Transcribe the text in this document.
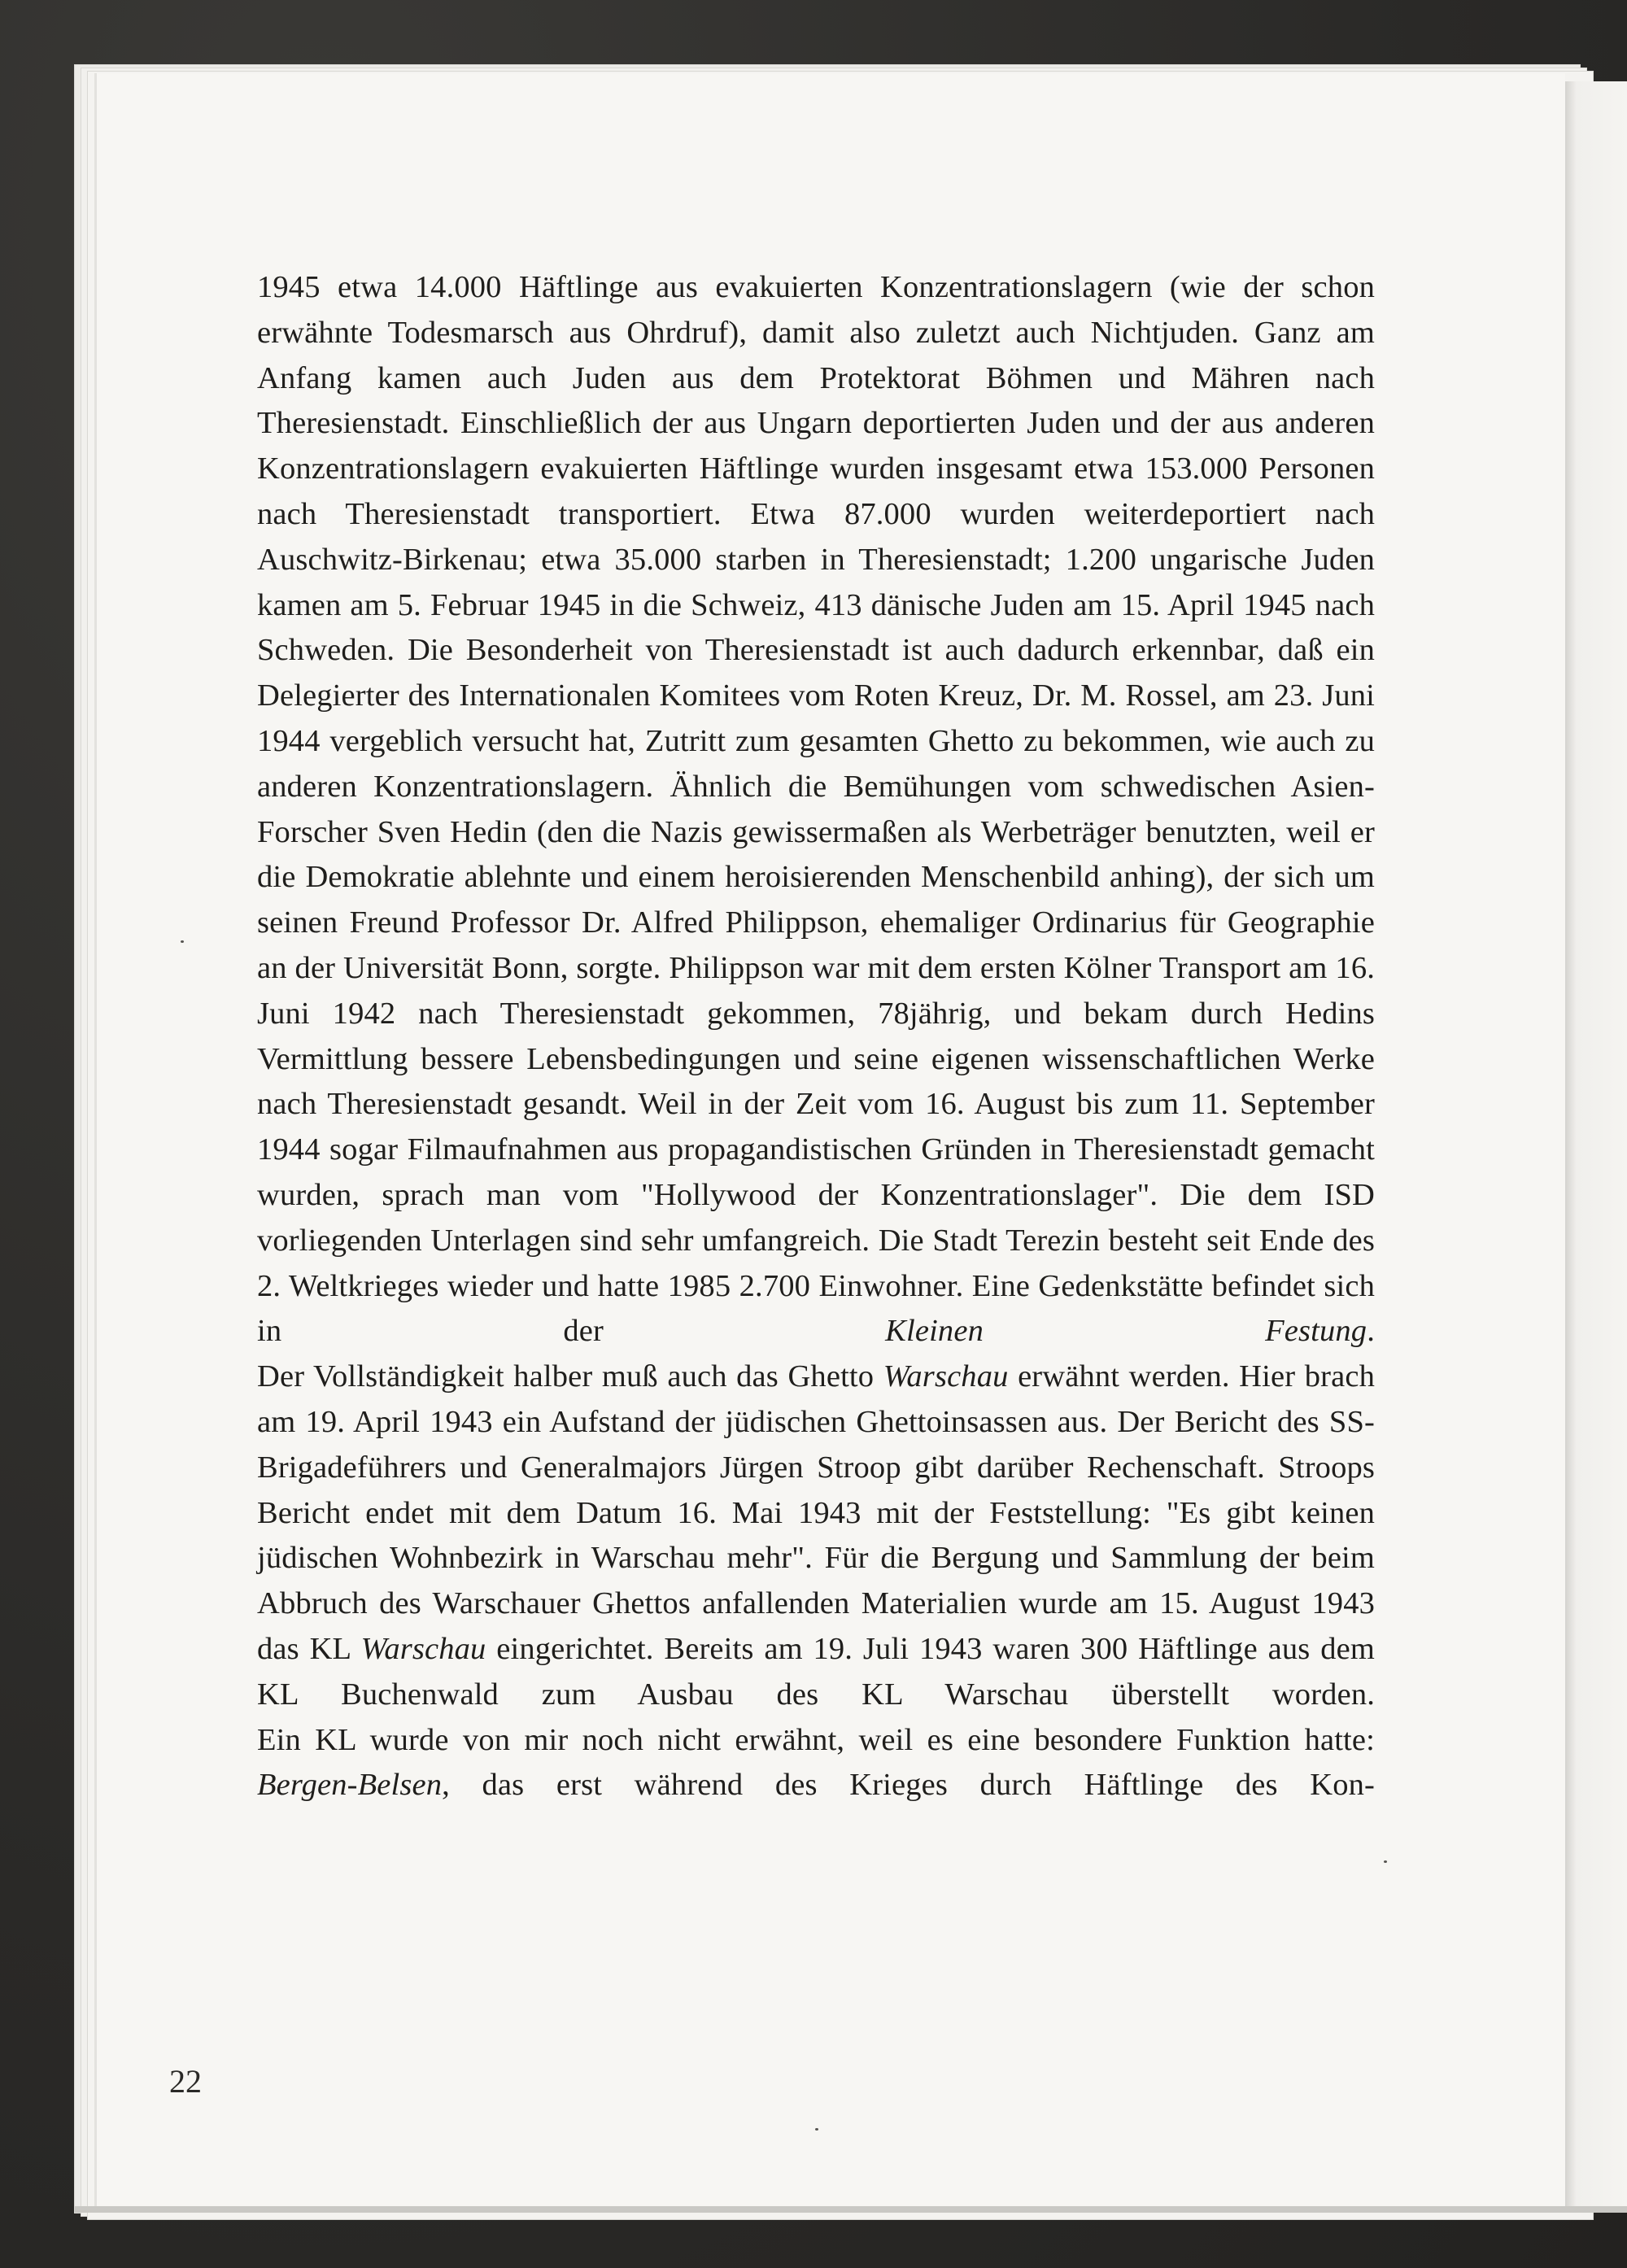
1945 etwa 14.000 Häftlinge aus evakuierten Konzentrationslagern (wie der schon erwähnte Todesmarsch aus Ohrdruf), damit also zuletzt auch Nichtjuden. Ganz am Anfang kamen auch Juden aus dem Protektorat Böhmen und Mähren nach Theresienstadt. Einschließlich der aus Ungarn deportierten Juden und der aus anderen Konzentrationslagern evakuierten Häftlinge wurden insgesamt etwa 153.000 Personen nach Theresienstadt transportiert. Etwa 87.000 wurden weiterdeportiert nach Auschwitz-Birkenau; etwa 35.000 starben in Theresienstadt; 1.200 ungarische Juden kamen am 5. Februar 1945 in die Schweiz, 413 dänische Juden am 15. April 1945 nach Schweden. Die Besonderheit von Theresienstadt ist auch dadurch erkennbar, daß ein Delegierter des Internationalen Komitees vom Roten Kreuz, Dr. M. Rossel, am 23. Juni 1944 vergeblich versucht hat, Zutritt zum gesamten Ghetto zu bekommen, wie auch zu anderen Konzentrationslagern. Ähnlich die Bemühungen vom schwedischen Asien-Forscher Sven Hedin (den die Nazis gewissermaßen als Werbeträger benutzten, weil er die Demokratie ablehnte und einem heroisierenden Menschenbild anhing), der sich um seinen Freund Professor Dr. Alfred Philippson, ehemaliger Ordinarius für Geographie an der Universität Bonn, sorgte. Philippson war mit dem ersten Kölner Transport am 16. Juni 1942 nach Theresienstadt gekommen, 78jährig, und bekam durch Hedins Vermittlung bessere Lebensbedingungen und seine eigenen wissenschaftlichen Werke nach Theresienstadt gesandt. Weil in der Zeit vom 16. August bis zum 11. September 1944 sogar Filmaufnahmen aus propagandistischen Gründen in Theresienstadt gemacht wurden, sprach man vom "Hollywood der Konzentrationslager". Die dem ISD vorliegenden Unterlagen sind sehr umfangreich. Die Stadt Terezin besteht seit Ende des 2. Weltkrieges wieder und hatte 1985 2.700 Einwohner. Eine Gedenkstätte befindet sich in der Kleinen Festung.

Der Vollständigkeit halber muß auch das Ghetto Warschau erwähnt werden. Hier brach am 19. April 1943 ein Aufstand der jüdischen Ghettoinsassen aus. Der Bericht des SS-Brigadeführers und Generalmajors Jürgen Stroop gibt darüber Rechenschaft. Stroops Bericht endet mit dem Datum 16. Mai 1943 mit der Feststellung: "Es gibt keinen jüdischen Wohnbezirk in Warschau mehr". Für die Bergung und Sammlung der beim Abbruch des Warschauer Ghettos anfallenden Materialien wurde am 15. August 1943 das KL Warschau eingerichtet. Bereits am 19. Juli 1943 waren 300 Häftlinge aus dem KL Buchenwald zum Ausbau des KL Warschau überstellt worden.

Ein KL wurde von mir noch nicht erwähnt, weil es eine besondere Funktion hatte: Bergen-Belsen, das erst während des Krieges durch Häftlinge des Kon-

22
